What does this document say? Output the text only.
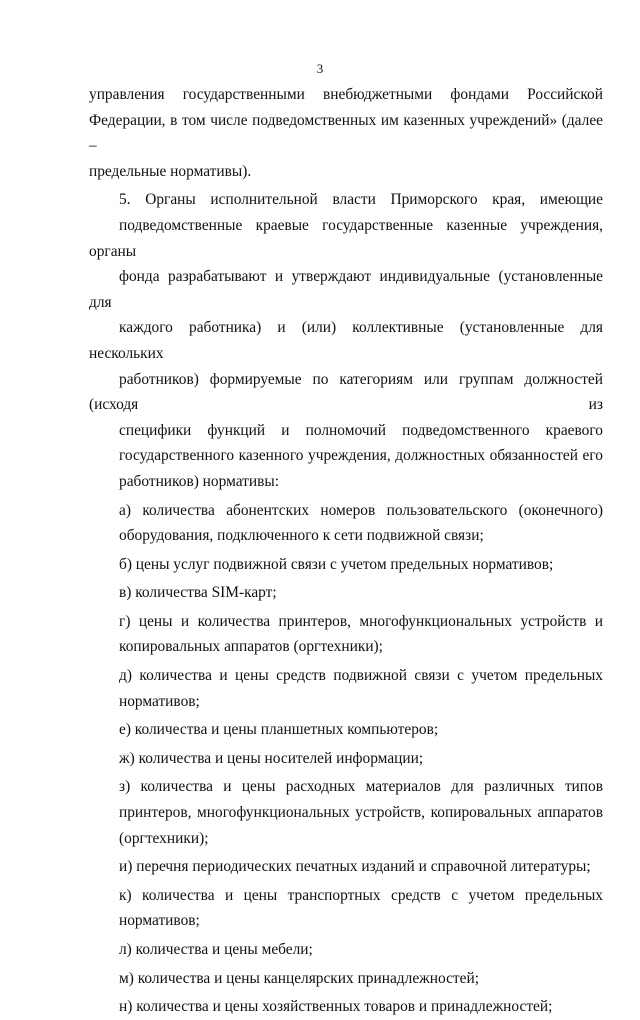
3

управления государственными внебюджетными фондами Российской
Федерации, в том числе подведомственных им казенных учреждений» (далее –
предельные нормативы).

5. Органы исполнительной власти Приморского края, имеющие
подведомственные краевые государственные казенные учреждения, органы
фонда разрабатывают и утверждают индивидуальные (установленные для
каждого работника) и (или) коллективные (установленные для нескольких
работников) формируемые по категориям или группам должностей (исходя из
специфики функций и полномочий подведомственного краевого
государственного казенного учреждения, должностных обязанностей его
работников) нормативы:

а) количества абонентских номеров пользовательского (оконечного)
оборудования, подключенного к сети подвижной связи;

б) цены услуг подвижной связи с учетом предельных нормативов;

в) количества SIM-карт;

г) цены и количества принтеров, многофункциональных устройств и
копировальных аппаратов (оргтехники);

д) количества и цены средств подвижной связи с учетом предельных
нормативов;

е) количества и цены планшетных компьютеров;

ж) количества и цены носителей информации;

з) количества и цены расходных материалов для различных типов
принтеров, многофункциональных устройств, копировальных аппаратов
(оргтехники);

и) перечня периодических печатных изданий и справочной литературы;

к) количества и цены транспортных средств с учетом предельных
нормативов;

л) количества и цены мебели;

м) количества и цены канцелярских принадлежностей;

н) количества и цены хозяйственных товаров и принадлежностей;
